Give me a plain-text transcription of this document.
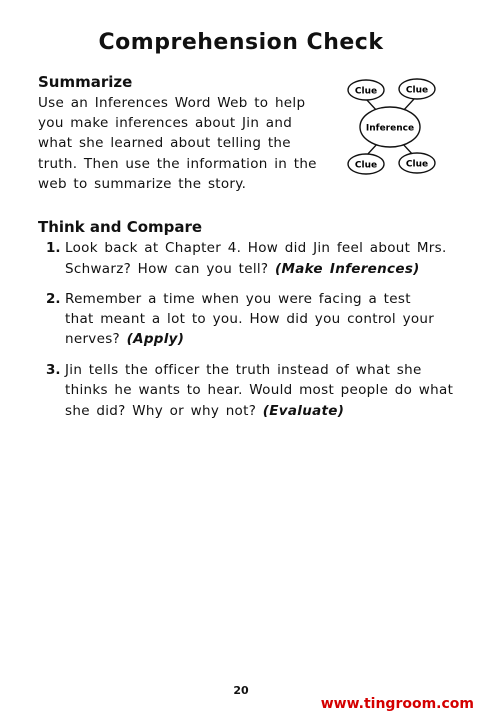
Comprehension Check
Summarize
Use an Inferences Word Web to help
you make inferences about Jin and
what she learned about telling the
truth. Then use the information in the
web to summarize the story.
Clue	Clue
Inference
Clue	Clue
Think and Compare
1. Look back at Chapter 4. How did Jin feel about Mrs.
Schwarz? How can you tell? (Make Inferences)
2. Remember a time when you were facing a test
that meant a lot to you. How did you control your
nerves? (Apply)
3. Jin tells the officer the truth instead of what she
thinks he wants to hear. Would most people do what
she did? Why or why not? (Evaluate)
20
www.tingroom.com
